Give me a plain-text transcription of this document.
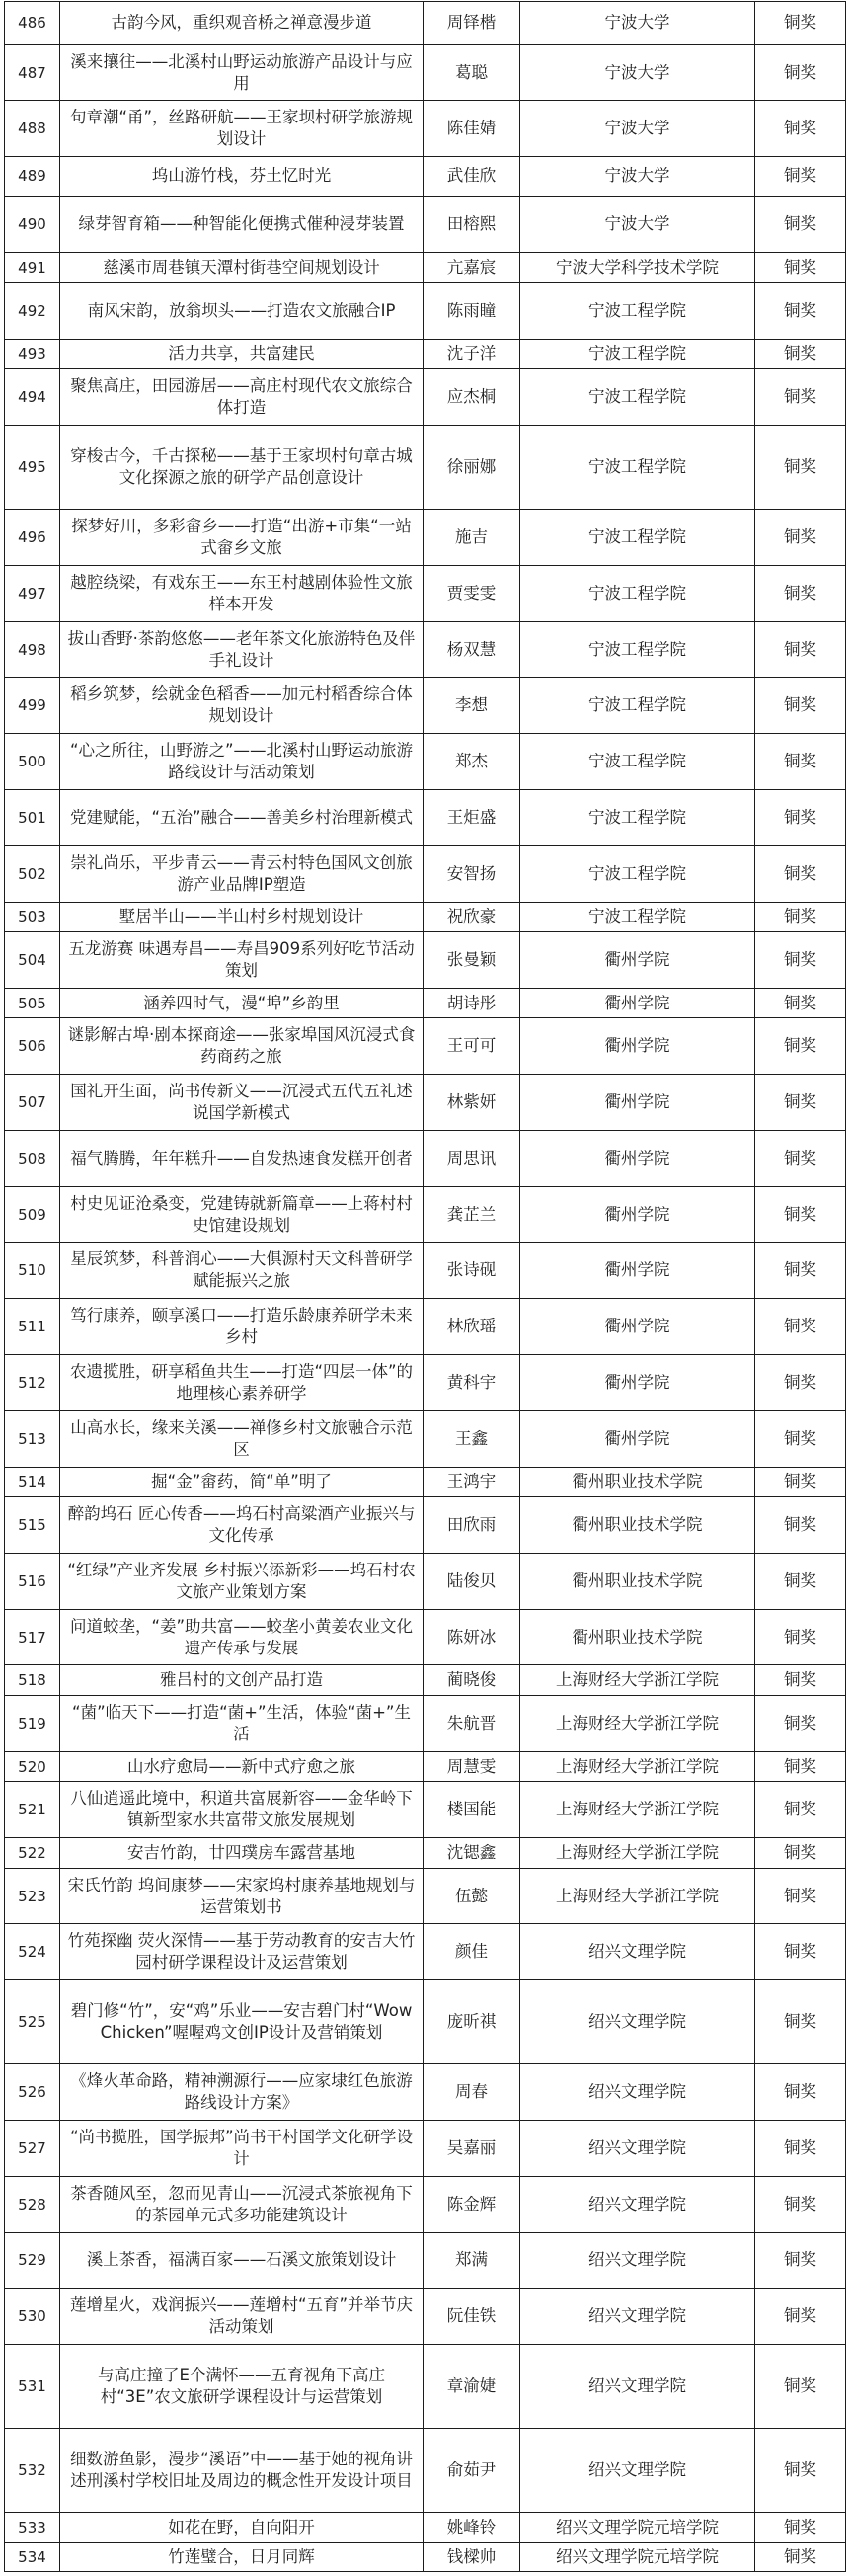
486	古韵今风，重织观音桥之禅意漫步道	周铎楷	宁波大学	铜奖
487	溪来攘往——北溪村山野运动旅游产品设计与应用	葛聪	宁波大学	铜奖
488	句章潮“甬”，丝路研航——王家坝村研学旅游规划设计	陈佳婧	宁波大学	铜奖
489	坞山游竹栈，芬土忆时光	武佳欣	宁波大学	铜奖
490	绿芽智育箱——种智能化便携式催种浸芽装置	田榕熙	宁波大学	铜奖
491	慈溪市周巷镇天潭村街巷空间规划设计	亢嘉宸	宁波大学科学技术学院	铜奖
492	南风宋韵，放翁坝头——打造农文旅融合IP	陈雨瞳	宁波工程学院	铜奖
493	活力共享，共富建民	沈子洋	宁波工程学院	铜奖
494	聚焦高庄，田园游居——高庄村现代农文旅综合体打造	应杰桐	宁波工程学院	铜奖
495	穿梭古今，千古探秘——基于王家坝村句章古城文化探源之旅的研学产品创意设计	徐丽娜	宁波工程学院	铜奖
496	探梦好川，多彩畲乡——打造“出游+市集“一站式畲乡文旅	施吉	宁波工程学院	铜奖
497	越腔绕梁，有戏东王——东王村越剧体验性文旅样本开发	贾雯雯	宁波工程学院	铜奖
498	拔山香野·茶韵悠悠——老年茶文化旅游特色及伴手礼设计	杨双慧	宁波工程学院	铜奖
499	稻乡筑梦，绘就金色稻香——加元村稻香综合体规划设计	李想	宁波工程学院	铜奖
500	“心之所往，山野游之”——北溪村山野运动旅游路线设计与活动策划	郑杰	宁波工程学院	铜奖
501	党建赋能，“五治”融合——善美乡村治理新模式	王炬盛	宁波工程学院	铜奖
502	崇礼尚乐，平步青云——青云村特色国风文创旅游产业品牌IP塑造	安智扬	宁波工程学院	铜奖
503	墅居半山——半山村乡村规划设计	祝欣豪	宁波工程学院	铜奖
504	五龙游赛 味遇寿昌——寿昌909系列好吃节活动策划	张曼颖	衢州学院	铜奖
505	涵养四时气，漫“埠”乡韵里	胡诗彤	衢州学院	铜奖
506	谜影解古埠·剧本探商途——张家埠国风沉浸式食药商药之旅	王可可	衢州学院	铜奖
507	国礼开生面，尚书传新义——沉浸式五代五礼述说国学新模式	林紫妍	衢州学院	铜奖
508	福气腾腾，年年糕升——自发热速食发糕开创者	周思讯	衢州学院	铜奖
509	村史见证沧桑变，党建铸就新篇章——上蒋村村史馆建设规划	龚芷兰	衢州学院	铜奖
510	星辰筑梦，科普润心——大俱源村天文科普研学赋能振兴之旅	张诗砚	衢州学院	铜奖
511	笃行康养，颐享溪口——打造乐龄康养研学未来乡村	林欣瑶	衢州学院	铜奖
512	农遗揽胜，研享稻鱼共生——打造“四层一体”的地理核心素养研学	黄科宇	衢州学院	铜奖
513	山高水长，缘来关溪——禅修乡村文旅融合示范区	王鑫	衢州学院	铜奖
514	掘“金”畲药，简“单”明了	王鸿宇	衢州职业技术学院	铜奖
515	醉韵坞石 匠心传香——坞石村高粱酒产业振兴与文化传承	田欣雨	衢州职业技术学院	铜奖
516	“红绿”产业齐发展 乡村振兴添新彩——坞石村农文旅产业策划方案	陆俊贝	衢州职业技术学院	铜奖
517	问道蛟垄，“姜”助共富——蛟垄小黄姜农业文化遗产传承与发展	陈妍冰	衢州职业技术学院	铜奖
518	雅吕村的文创产品打造	蔺晓俊	上海财经大学浙江学院	铜奖
519	“菌”临天下——打造“菌+”生活，体验“菌+”生活	朱航晋	上海财经大学浙江学院	铜奖
520	山水疗愈局——新中式疗愈之旅	周慧雯	上海财经大学浙江学院	铜奖
521	八仙逍遥此境中，积道共富展新容——金华岭下镇新型家水共富带文旅发展规划	楼国能	上海财经大学浙江学院	铜奖
522	安吉竹韵，廿四璞房车露营基地	沈锶鑫	上海财经大学浙江学院	铜奖
523	宋氏竹韵 坞间康梦——宋家坞村康养基地规划与运营策划书	伍懿	上海财经大学浙江学院	铜奖
524	竹苑探幽 荧火深情——基于劳动教育的安吉大竹园村研学课程设计及运营策划	颜佳	绍兴文理学院	铜奖
525	碧门修“竹”，安“鸡”乐业——安吉碧门村“Wow Chicken”喔喔鸡文创IP设计及营销策划	庞昕祺	绍兴文理学院	铜奖
526	《烽火革命路，精神溯源行——应家埭红色旅游路线设计方案》	周春	绍兴文理学院	铜奖
527	“尚书揽胜，国学振邦”尚书干村国学文化研学设计	吴嘉丽	绍兴文理学院	铜奖
528	茶香随风至，忽而见青山——沉浸式茶旅视角下的茶园单元式多功能建筑设计	陈金辉	绍兴文理学院	铜奖
529	溪上茶香，福满百家——石溪文旅策划设计	郑满	绍兴文理学院	铜奖
530	莲增星火，戏润振兴——莲增村“五育”并举节庆活动策划	阮佳铁	绍兴文理学院	铜奖
531	与高庄撞了E个满怀——五育视角下高庄村“3E”农文旅研学课程设计与运营策划	章渝婕	绍兴文理学院	铜奖
532	细数游鱼影，漫步“溪语”中——基于她的视角讲述刑溪村学校旧址及周边的概念性开发设计项目	俞茹尹	绍兴文理学院	铜奖
533	如花在野，自向阳开	姚峰铃	绍兴文理学院元培学院	铜奖
534	竹莲璧合，日月同辉	钱樑帅	绍兴文理学院元培学院	铜奖
